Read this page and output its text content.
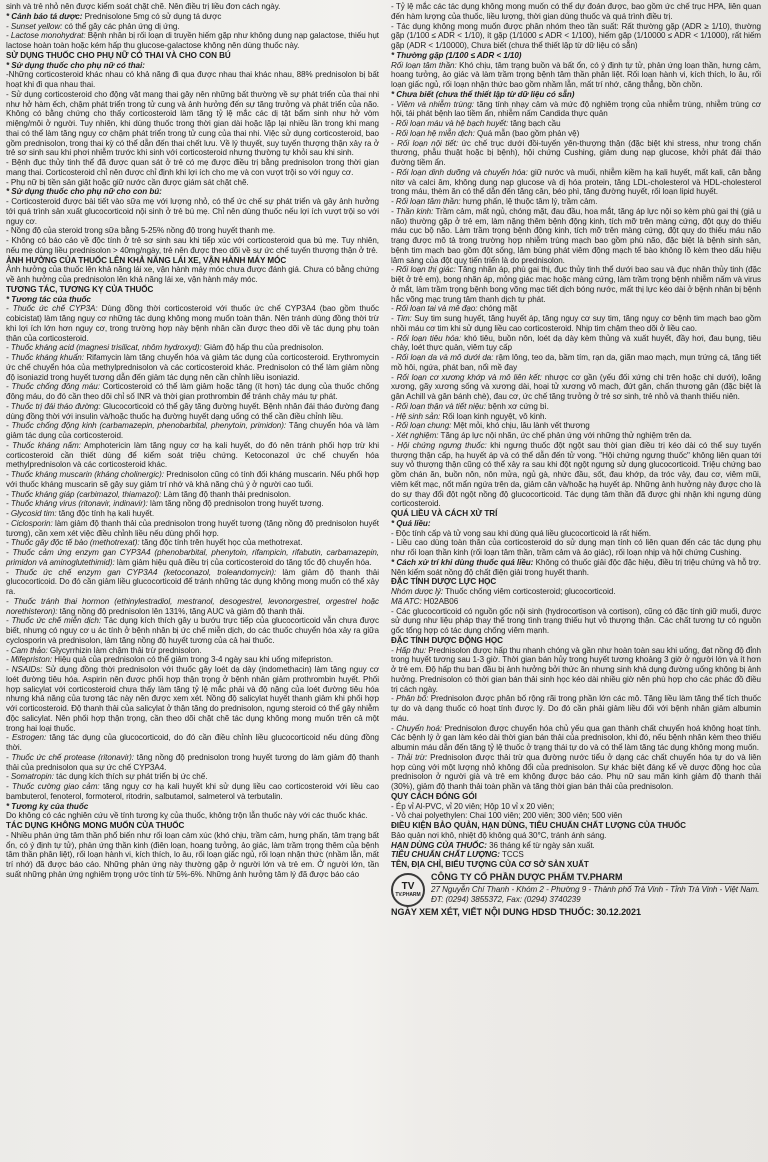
sinh và trẻ nhỏ nên được kiểm soát chặt chẽ. Nên điều trị liều đơn cách ngày.

* Cảnh báo tá dược: Prednisolone 5mg có sử dụng tá dược

- Sunset yellow: có thể gây các phản ứng dị ứng.

- Lactose monohydrat: Bệnh nhân bị rối loạn di truyền hiếm gặp như không dung nạp galactose, thiếu hụt lactose hoàn toàn hoặc kém hấp thu glucose-galactose không nên dùng thuốc này.

SỬ DỤNG THUỐC CHO PHỤ NỮ CÓ THAI VÀ CHO CON BÚ

* Sử dụng thuốc cho phụ nữ có thai:

-Những corticosteroid khác nhau có khả năng đi qua được nhau thai khác nhau, 88% prednisolon bị bất hoạt khi đi qua nhau thai.

- Sử dụng corticosteroid cho động vật mang thai gây nên những bất thường về sự phát triển của thai nhi như hở hàm ếch, chậm phát triển trong tử cung và ảnh hưởng đến sự tăng trưởng và phát triển của não. Không có bằng chứng cho thấy corticosteroid làm tăng tỷ lệ mắc các dị tật bẩm sinh như hở vòm miệng/môi ở người. Tuy nhiên, khi dùng thuốc trong thời gian dài hoặc lặp lại nhiều lần trong khi mang thai có thể làm tăng nguy cơ chậm phát triển trong tử cung của thai nhi. Việc sử dụng corticosteroid, bao gồm prednisolon, trong thai kỳ có thể dẫn đến thai chết lưu. Về lý thuyết, suy tuyến thượng thận xảy ra ở trẻ sơ sinh sau khi phơi nhiễm trước khi sinh với corticosteroid nhưng thường tự khỏi sau khi sinh.

- Bệnh đục thủy tinh thể đã được quan sát ở trẻ có mẹ được điều trị bằng prednisolon trong thời gian mang thai. Corticosteroid chỉ nên được chỉ định khi lợi ích cho mẹ và con vượt trội so với nguy cơ.

- Phụ nữ bị tiền sản giật hoặc giữ nước cần được giám sát chặt chẽ.

* Sử dụng thuốc cho phụ nữ cho con bú:

- Corticosteroid được bài tiết vào sữa mẹ với lượng nhỏ, có thể ức chế sự phát triển và gây ảnh hưởng tới quá trình sản xuất glucocorticoid nội sinh ở trẻ bú mẹ. Chỉ nên dùng thuốc nếu lợi ích vượt trội so với nguy cơ.

- Nồng độ của steroid trong sữa bằng 5-25% nồng độ trong huyết thanh mẹ.

- Không có báo cáo về độc tính ở trẻ sơ sinh sau khi tiếp xúc với corticosteroid qua bú mẹ. Tuy nhiên, nếu mẹ dùng liều prednisolon > 40mg/ngày, trẻ nên được theo dõi về sự ức chế tuyến thượng thận ở trẻ.

ẢNH HƯỞNG CỦA THUỐC LÊN KHẢ NĂNG LÁI XE, VẬN HÀNH MÁY MÓC

Ảnh hưởng của thuốc lên khả năng lái xe, vận hành máy móc chưa được đánh giá. Chưa có bằng chứng về ảnh hưởng của prednisolon lên khả năng lái xe, vận hành máy móc.

TƯƠNG TÁC, TƯƠNG KỴ CỦA THUỐC

* Tương tác của thuốc

- Thuốc ức chế CYP3A: Dùng đồng thời corticosteroid với thuốc ức chế CYP3A4 (bao gồm thuốc cobicistat) làm tăng nguy cơ những tác dụng không mong muốn toàn thân. Nên tránh dùng đồng thời trừ khi lợi ích lớn hơn nguy cơ, trong trường hợp này bệnh nhân cần được theo dõi về tác dụng phụ toàn thân của corticosteroid.

- Thuốc kháng acid (magnesi trisilicat, nhôm hydroxyd): Giảm độ hấp thu của prednisolon.

- Thuốc kháng khuẩn: Rifamycin làm tăng chuyển hóa và giảm tác dụng của corticosteroid. Erythromycin ức chế chuyển hóa của methylprednisolon và các corticosteroid khác. Prednisolon có thể làm giảm nồng độ isoniazid trong huyết tương dẫn đến giảm tác dụng nên cần chỉnh liều isoniazid.

- Thuốc chống đông máu: Corticosteroid có thể làm giảm hoặc tăng (ít hơn) tác dụng của thuốc chống đông máu, do đó cần theo dõi chỉ số INR và thời gian prothrombin để tránh chảy máu tự phát.

- Thuốc trị đái tháo đường: Glucocorticoid có thể gây tăng đường huyết. Bệnh nhân đái tháo đường đang dùng đồng thời với insulin và/hoặc thuốc hạ đường huyết dạng uống có thể cần điều chỉnh liều.

- Thuốc chống động kinh (carbamazepin, phenobarbital, phenytoin, primidon): Tăng chuyển hóa và làm giảm tác dụng của corticosteroid.

- Thuốc kháng nấm: Amphotericin làm tăng nguy cơ hạ kali huyết, do đó nên tránh phối hợp trừ khi corticosteroid cần thiết dùng để kiểm soát triệu chứng. Ketoconazol ức chế chuyển hóa methylprednisolon và các corticosteroid khác.

- Thuốc kháng muscarin (kháng cholinergic): Prednisolon cũng có tính đối kháng muscarin. Nếu phối hợp với thuốc kháng muscarin sẽ gây suy giảm trí nhớ và khả năng chú ý ở người cao tuổi.

- Thuốc kháng giáp (carbimazol, thiamazol): Làm tăng độ thanh thải prednisolon.

- Thuốc kháng virus (ritonavir, indinavir): làm tăng nồng độ prednisolon trong huyết tương.

- Glycosid tim: tăng độc tính hạ kali huyết.

- Ciclosporin: làm giảm độ thanh thải của prednisolon trong huyết tương (tăng nồng độ prednisolon huyết tương), cần xem xét việc điều chỉnh liều nếu dùng phối hợp.

- Thuốc gây độc tế bào (methotrexat): tăng độc tính trên huyết học của methotrexat.

- Thuốc cảm ứng enzym gan CYP3A4 (phenobarbital, phenytoin, rifampicin, rifabutin, carbamazepin, primidon và aminoglutethimid): làm giảm hiệu quả điều trị của corticosteroid do tăng tốc độ chuyển hóa.

- Thuốc ức chế enzym gan CYP3A4 (ketoconazol, troleandomycin): làm giảm độ thanh thải glucocorticoid. Do đó cần giảm liều glucocorticoid để tránh những tác dụng không mong muốn có thể xảy ra.

- Thuốc tránh thai hormon (ethinylestradiol, mestranol, desogestrel, levonorgestrel, orgestrel hoặc norethisteron): tăng nồng độ prednisolon lên 131%, tăng AUC và giảm độ thanh thải.

- Thuốc ức chế miễn dịch: Tác dụng kích thích gây u bướu trực tiếp của glucocorticoid vẫn chưa được biết, nhưng có nguy cơ u ác tính ở bệnh nhân bị ức chế miễn dịch, do các thuốc chuyển hóa xảy ra giữa cyclosporin và prednisolon, làm tăng nồng độ huyết tương của cả hai thuốc.

- Cam thảo: Glycyrrhizin làm chậm thải trừ prednisolon.

- Mifepriston: Hiệu quả của prednisolon có thể giảm trong 3-4 ngày sau khi uống mifepriston.

- NSAIDs: Sử dụng đồng thời prednisolon với thuốc gây loét dạ dày (indomethacin) làm tăng nguy cơ loét đường tiêu hóa. Aspirin nên được phối hợp thận trọng ở bệnh nhân giảm prothrombin huyết. Phối hợp salicylat với corticosteroid chưa thấy làm tăng tỷ lệ mắc phải và độ nặng của loét đường tiêu hóa nhưng khả năng của tương tác này nên được xem xét. Nồng độ salicylat huyết thanh giảm khi phối hợp với corticosteroid. Độ thanh thải của salicylat ở thận tăng do prednisolon, ngưng steroid có thể gây nhiễm độc salicylat. Nên phối hợp thận trọng, cần theo dõi chặt chẽ tác dụng không mong muốn trên cả một trong hai loại thuốc.

- Estrogen: tăng tác dụng của glucocorticoid, do đó cần điều chỉnh liều glucocorticoid nếu dùng đồng thời.

- Thuốc ức chế protease (ritonavir): tăng nồng độ prednisolon trong huyết tương do làm giảm độ thanh thải của prednisolon qua sự ức chế CYP3A4.

- Somatropin: tác dụng kích thích sự phát triển bị ức chế.

- Thuốc cường giao cảm: tăng nguy cơ hạ kali huyết khi sử dụng liều cao corticosteroid với liều cao bambuterol, fenoterol, formoterol, ritodrin, salbutamol, salmeterol và terbutalin.

* Tương kỵ của thuốc

Do không có các nghiên cứu về tính tương kỵ của thuốc, không trộn lẫn thuốc này với các thuốc khác.

TÁC DỤNG KHÔNG MONG MUỐN CỦA THUỐC

- Nhiều phản ứng tâm thần phổ biến như rối loạn cảm xúc (khó chịu, trầm cảm, hưng phấn, tâm trạng bất ổn, có ý định tự tử), phản ứng thần kinh (điên loạn, hoang tưởng, ảo giác, làm trầm trọng thêm của bệnh tâm thần phân liệt), rối loạn hành vi, kích thích, lo âu, rối loạn giấc ngủ, rối loạn nhận thức (nhầm lẫn, mất trí nhớ) đã được báo cáo. Những phản ứng này thường gặp ở người lớn và trẻ em. Ở người lớn, tần suất những phản ứng nghiêm trọng ước tính từ 5%-6%. Những ảnh hưởng tâm lý đã được báo cáo

- Tỷ lệ mắc các tác dụng không mong muốn có thể dự đoán được, bao gồm ức chế trục HPA, liên quan đến hàm lượng của thuốc, liều lượng, thời gian dùng thuốc và quá trình điều trị.

- Tác dụng không mong muốn được phân nhóm theo tần suất: Rất thường gặp (ADR ≥ 1/10), thường gặp (1/100 ≤ ADR < 1/10), ít gặp (1/1000 ≤ ADR < 1/100), hiếm gặp (1/10000 ≤ ADR < 1/1000), rất hiếm gặp (ADR < 1/10000), Chưa biết (chưa thể thiết lập từ dữ liệu có sẵn)

* Thường gặp (1/100 ≤ ADR < 1/10)

Rối loạn tâm thần: Khó chịu, tâm trạng buồn và bất ổn, có ý định tự tử, phản ứng loạn thần, hưng cảm, hoang tưởng, ảo giác và làm trầm trọng bệnh tâm thần phân liệt. Rối loạn hành vi, kích thích, lo âu, rối loạn giấc ngủ, rối loạn nhận thức bao gồm nhầm lẫn, mất trí nhớ, căng thẳng, bồn chồn.

* Chưa biết (chưa thể thiết lập từ dữ liệu có sẵn)

- Viêm và nhiễm trùng: tăng tính nhạy cảm và mức độ nghiêm trọng của nhiễm trùng, nhiễm trùng cơ hội, tái phát bệnh lao tiềm ẩn, nhiễm nấm Candida thực quản

- Rối loạn máu và hệ bạch huyết: tăng bạch cầu

- Rối loạn hệ miễn dịch: Quá mẫn (bao gồm phản vệ)

- Rối loạn nội tiết: ức chế trục dưới đồi-tuyến yên-thượng thận (đặc biệt khi stress, như trong chấn thương, phẫu thuật hoặc bị bệnh), hội chứng Cushing, giảm dung nạp glucose, khởi phát đái tháo đường tiềm ẩn.

- Rối loạn dinh dưỡng và chuyển hóa: giữ nước và muối, nhiễm kiềm hạ kali huyết, mất kali, cân bằng nitơ và calci âm, không dung nạp glucose và dị hóa protein, tăng LDL-cholesterol và HDL-cholesterol trong máu, thèm ăn có thể dẫn đến tăng cân, béo phì, tăng đường huyết, rối loạn lipid huyết.

- Rối loạn tâm thần: hưng phấn, lệ thuộc tâm lý, trầm cảm.

- Thần kinh: Trầm cảm, mất ngủ, chóng mặt, đau đầu, hoa mắt, tăng áp lực nội sọ kèm phù gai thị (giả u não) thường gặp ở trẻ em, làm nặng thêm bệnh động kinh, tích mỡ trên màng cứng, đột quỵ do thiếu máu cục bộ não. Làm trầm trọng bệnh động kinh, tích mỡ trên màng cứng, đột quỵ do thiếu máu não trạng được mô tả trong trường hợp nhiễm trùng mạch bao gồm phù não, đặc biệt là bệnh sinh sản, bệnh tim mạch bao gồm đột sống, lâm bùng phát viêm động mạch tế bào không lồ kèm theo dấu hiệu lâm sàng của đột quỵ tiến triển là do prednisolon.

- Rối loạn thị giác: Tăng nhãn áp, phù gai thị, đục thủy tinh thể dưới bao sau và đục nhân thủy tinh (đặc biệt ở trẻ em), bong nhãn áp, mỏng giác mạc hoặc màng cứng, làm trầm trọng bệnh nhiễm nấm và virus ở mắt, làm trầm trọng bệnh bong võng mạc tiết dịch bóng nước, mất thị lực kéo dài ở bệnh nhân bị bệnh hắc võng mạc trung tâm thanh dịch tự phát.

- Rối loạn tai và mê đạo: chóng mặt

- Tim: Suy tim sung huyết, tăng huyết áp, tăng nguy cơ suy tim, tăng nguy cơ bệnh tim mạch bao gồm nhồi máu cơ tim khi sử dụng liều cao corticosteroid. Nhịp tim chậm theo dõi ở liều cao.

- Rối loạn tiêu hóa: khó tiêu, buồn nôn, loét dạ dày kèm thủng và xuất huyết, đầy hơi, đau bụng, tiêu chảy, loét thực quản, viêm tụy cấp

- Rối loạn da và mô dưới da: rậm lông, teo da, bầm tím, rạn da, giãn mao mạch, mụn trứng cá, tăng tiết mồ hôi, ngứa, phát ban, nổi mề đay

- Rối loạn cơ xương khớp và mô liên kết: nhược cơ gần (yếu đối xứng chi trên hoặc chi dưới), loãng xương, gãy xương sống và xương dài, hoại tử xương vô mạch, đứt gân, chấn thương gân (đặc biệt là gân Achill và gân bánh chè), đau cơ, ức chế tăng trưởng ở trẻ sơ sinh, trẻ nhỏ và thanh thiếu niên.

- Rối loạn thận và tiết niệu: bệnh xơ cứng bì.

- Hệ sinh sản: Rối loạn kinh nguyệt, vô kinh.

- Rối loạn chung: Mệt mỏi, khó chịu, lâu lành vết thương

- Xét nghiệm: Tăng áp lực nội nhãn, ức chế phản ứng với những thử nghiệm trên da.

- Hội chứng ngưng thuốc: khi ngưng thuốc đột ngột sau thời gian điều trị kéo dài có thể suy tuyến thượng thận cấp, hạ huyết áp và có thể dẫn đến tử vong. "Hội chứng ngưng thuốc" không liên quan tới suy vỏ thượng thận cũng có thể xảy ra sau khi đột ngột ngưng sử dụng glucocorticoid. Triệu chứng bao gồm chán ăn, buồn nôn, nôn mửa, ngủ gà, nhức đầu, sốt, đau khớp, da tróc vảy, đau cơ, viêm mũi, viêm kết mạc, nốt mẩn ngứa trên da, giảm cân và/hoặc hạ huyết áp. Những ảnh hưởng này được cho là do sự thay đổi đột ngột nồng độ glucocorticoid. Tác dụng tâm thần đã được ghi nhận khi ngưng dùng corticosteroid.

QUÁ LIỀU VÀ CÁCH XỬ TRÍ

* Quá liều:

- Độc tính cấp và tử vong sau khi dùng quá liều glucocorticoid là rất hiếm.

- Liều cao dùng toàn thân của corticosteroid do sử dụng mạn tính có liên quan đến các tác dụng phụ như rối loạn thần kinh (rối loạn tâm thần, trầm cảm và ảo giác), rối loạn nhịp và hội chứng Cushing.

* Cách xử trí khi dùng thuốc quá liều: Không có thuốc giải độc đặc hiệu, điều trị triệu chứng và hỗ trợ. Nên kiểm soát nồng độ chất điện giải trong huyết thanh.

ĐẶC TÍNH DƯỢC LỰC HỌC

Nhóm dược lý: Thuốc chống viêm corticosteroid; glucocorticoid.

Mã ATC: H02AB06

- Các glucocorticoid có nguồn gốc nội sinh (hydrocortison và cortison), cũng có đặc tính giữ muối, được sử dụng như liệu pháp thay thế trong tình trạng thiếu hụt vỏ thượng thận. Các chất tương tự có nguồn gốc tổng hợp có tác dụng chống viêm mạnh.

ĐẶC TÍNH DƯỢC ĐỘNG HỌC

- Hấp thu: Prednisolon được hấp thu nhanh chóng và gần như hoàn toàn sau khi uống, đạt nồng độ đỉnh trong huyết tương sau 1-3 giờ. Thời gian bán hủy trong huyết tương khoảng 3 giờ ở người lớn và ít hơn ở trẻ em. Độ hấp thu ban đầu bị ảnh hưởng bởi thức ăn nhưng sinh khả dụng đường uống không bị ảnh hưởng. Prednisolon có thời gian bán thải sinh học kéo dài nhiều giờ nên phù hợp cho các phác đồ điều trị cách ngày.

- Phân bố: Prednisolon được phân bố rộng rãi trong phần lớn các mô. Tăng liều làm tăng thể tích thuốc tự do và dạng thuốc có hoạt tính được lý. Do đó cần phải giảm liều đối với bệnh nhân giảm albumin máu.

- Chuyển hoá: Prednisolon được chuyển hóa chủ yếu qua gan thành chất chuyển hoá không hoạt tính. Các bệnh lý ở gan làm kéo dài thời gian bán thải của prednisolon, khi đó, nếu bệnh nhân kèm theo thiếu albumin máu dẫn đến tăng tỷ lệ thuốc ở trạng thái tự do và có thể làm tăng tác dụng không mong muốn.

- Thải trừ: Prednisolon được thải trừ qua đường nước tiểu ở dạng các chất chuyển hóa tự do và liên hợp cùng với một lượng nhỏ không đổi của prednisolon. Sự khác biệt đáng kể về dược động học của prednisolon ở người già và trẻ em không được báo cáo. Phụ nữ sau mãn kinh giảm độ thanh thải (30%), giảm độ thanh thải toàn phần và tăng thời gian bán thải của prednisolon.

QUY CÁCH ĐÓNG GÓI

- Ép vỉ Al-PVC, vỉ 20 viên; Hộp 10 vỉ x 20 viên;

- Vỏ chai polyethylen: Chai 100 viên; 200 viên; 300 viên; 500 viên

ĐIỀU KIỆN BẢO QUẢN, HẠN DÙNG, TIÊU CHUẨN CHẤT LƯỢNG CỦA THUỐC

Bảo quản nơi khô, nhiệt độ không quá 30°C, tránh ánh sáng.

HẠN DÙNG CỦA THUỐC: 36 tháng kể từ ngày sản xuất.

TIÊU CHUẨN CHẤT LƯỢNG: TCCS

TÊN, ĐỊA CHỈ, BIỂU TƯỢNG CỦA CƠ SỞ SẢN XUẤT

TV
TV.PHARM
CÔNG TY CỔ PHẦN DƯỢC PHẨM TV.PHARM
27 Nguyễn Chí Thanh - Khóm 2 - Phường 9 - Thành phố Trà Vinh - Tỉnh Trà Vinh - Việt Nam.
ĐT: (0294) 3855372, Fax: (0294) 3740239
NGÀY XEM XÉT, VIẾT NỘI DUNG HDSD THUỐC: 30.12.2021
